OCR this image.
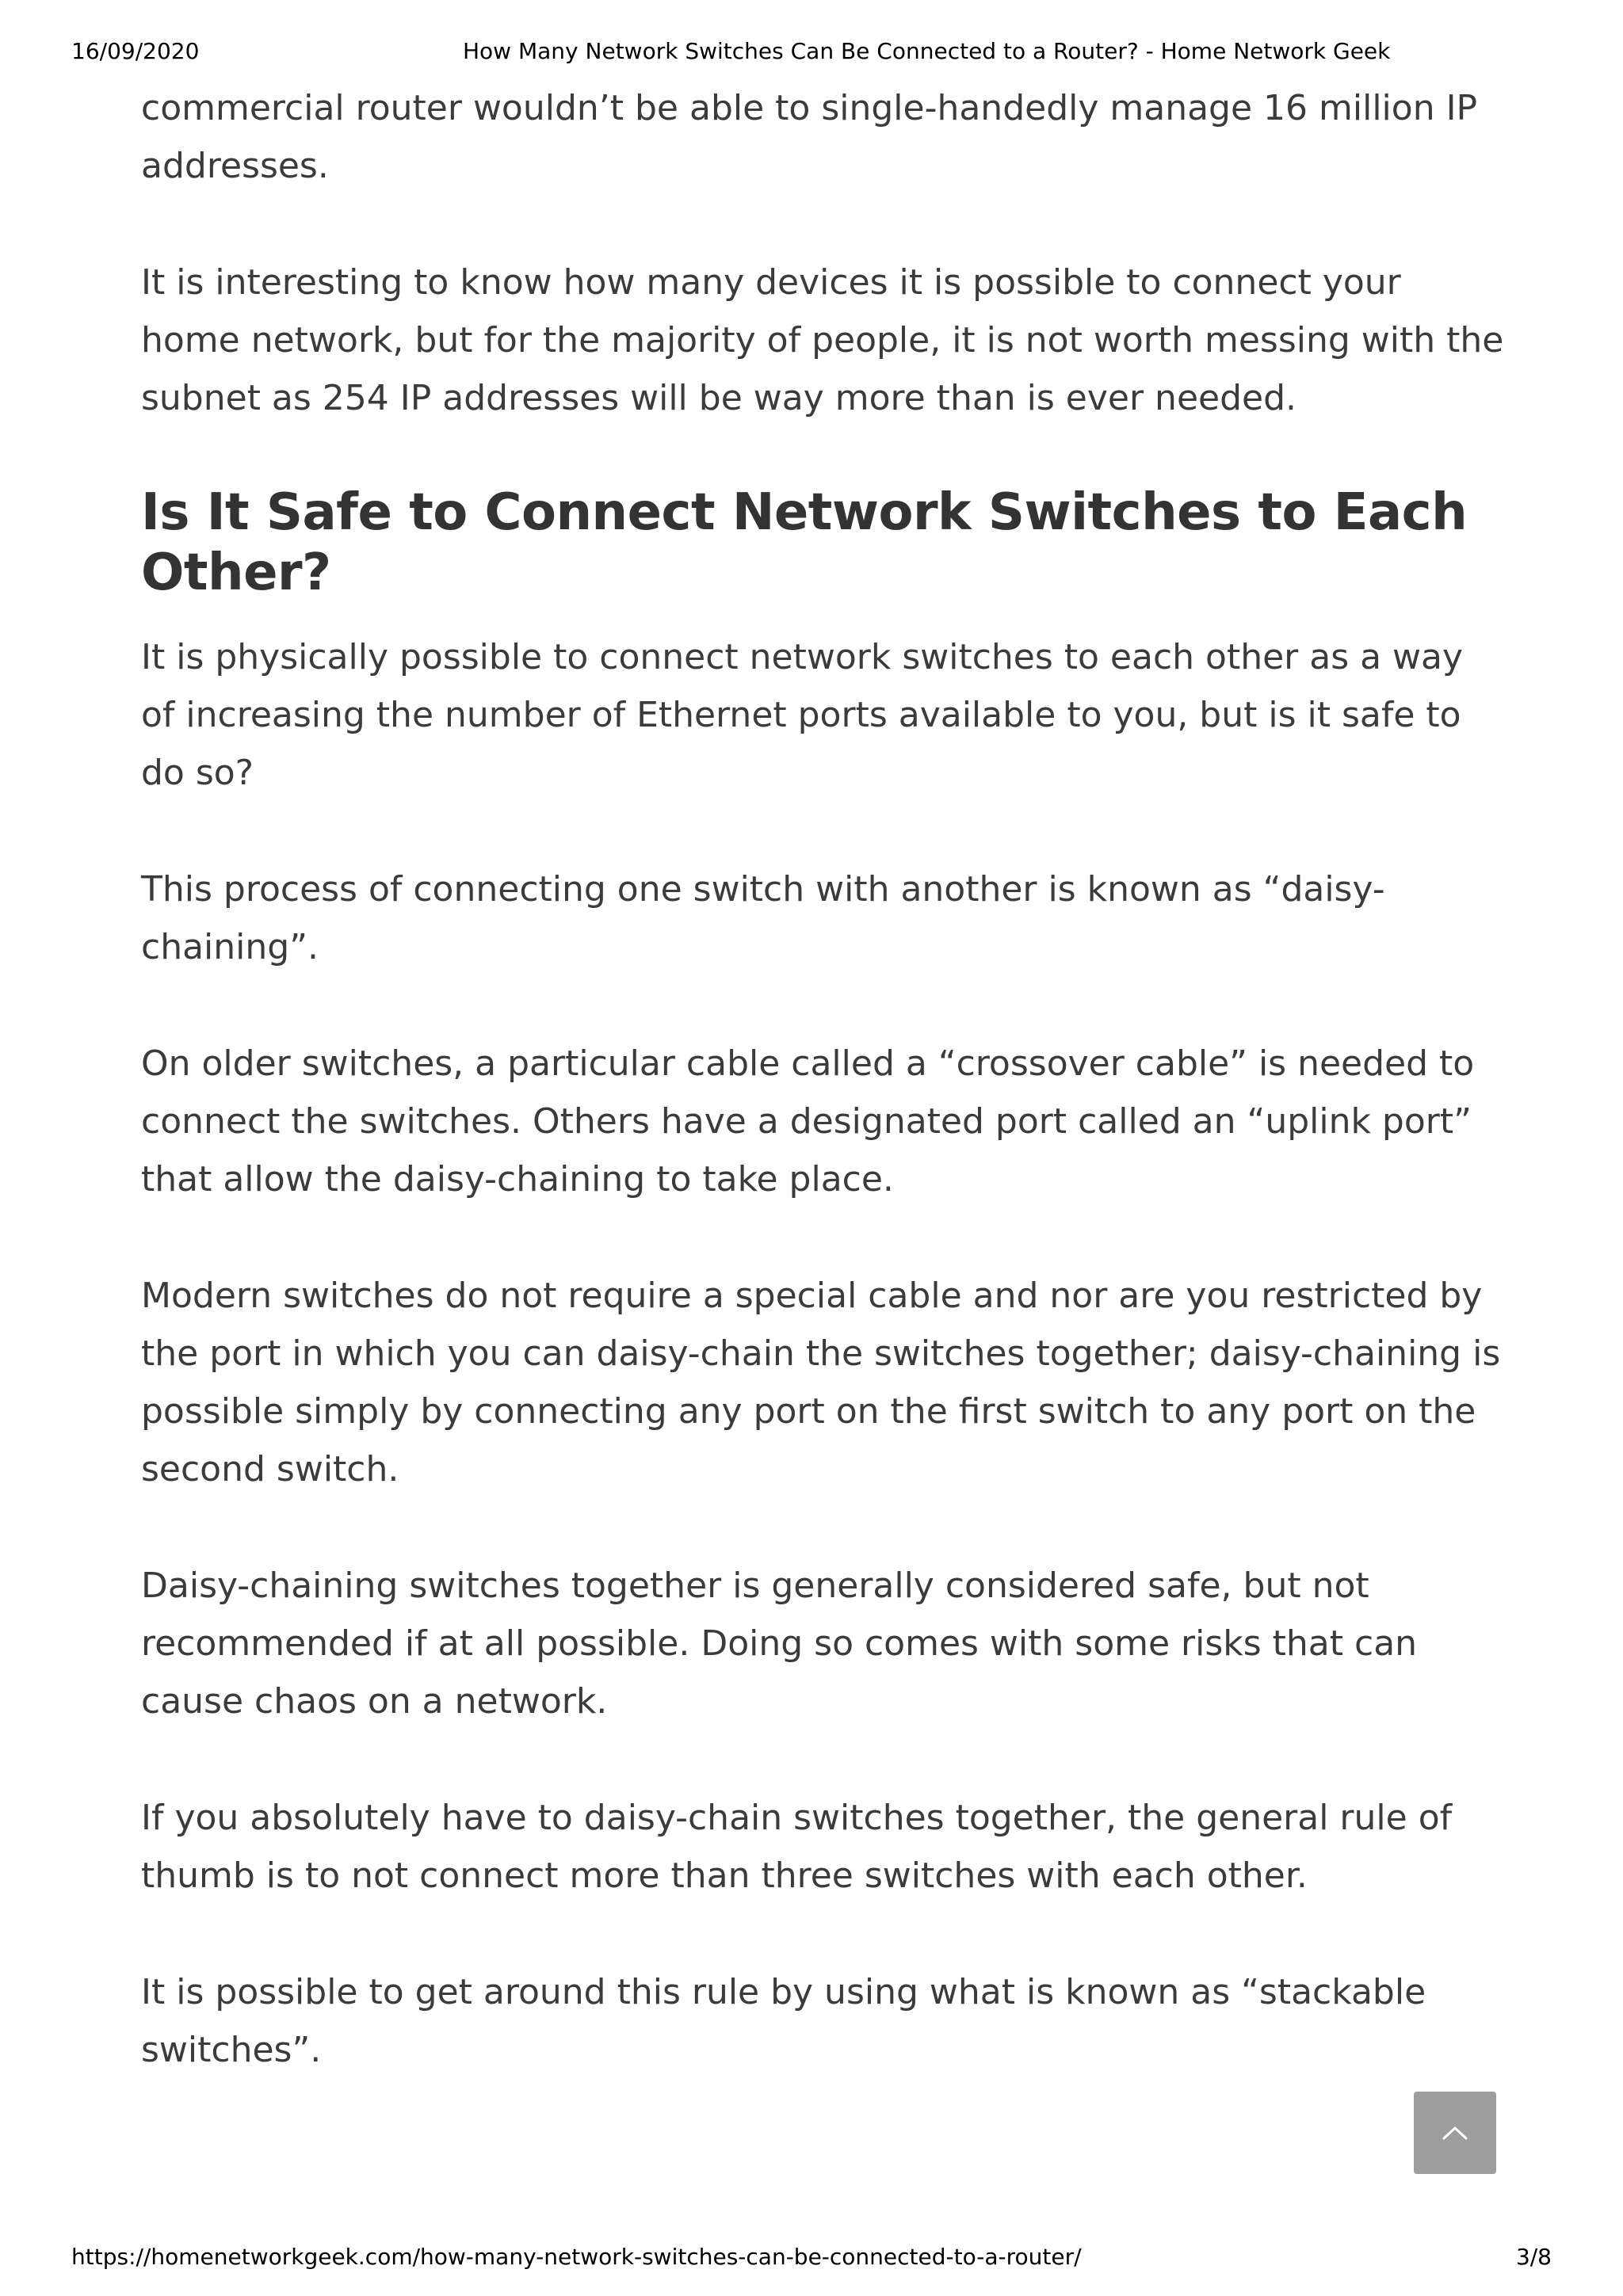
16/09/2020	How Many Network Switches Can Be Connected to a Router? - Home Network Geek

commercial router wouldn’t be able to single-handedly manage 16 million IP addresses.

It is interesting to know how many devices it is possible to connect your home network, but for the majority of people, it is not worth messing with the subnet as 254 IP addresses will be way more than is ever needed.

Is It Safe to Connect Network Switches to Each Other?

It is physically possible to connect network switches to each other as a way of increasing the number of Ethernet ports available to you, but is it safe to do so?

This process of connecting one switch with another is known as “daisy-chaining”.

On older switches, a particular cable called a “crossover cable” is needed to connect the switches. Others have a designated port called an “uplink port” that allow the daisy-chaining to take place.

Modern switches do not require a special cable and nor are you restricted by the port in which you can daisy-chain the switches together; daisy-chaining is possible simply by connecting any port on the first switch to any port on the second switch.

Daisy-chaining switches together is generally considered safe, but not recommended if at all possible. Doing so comes with some risks that can cause chaos on a network.

If you absolutely have to daisy-chain switches together, the general rule of thumb is to not connect more than three switches with each other.

It is possible to get around this rule by using what is known as “stackable switches”.

https://homenetworkgeek.com/how-many-network-switches-can-be-connected-to-a-router/	3/8
